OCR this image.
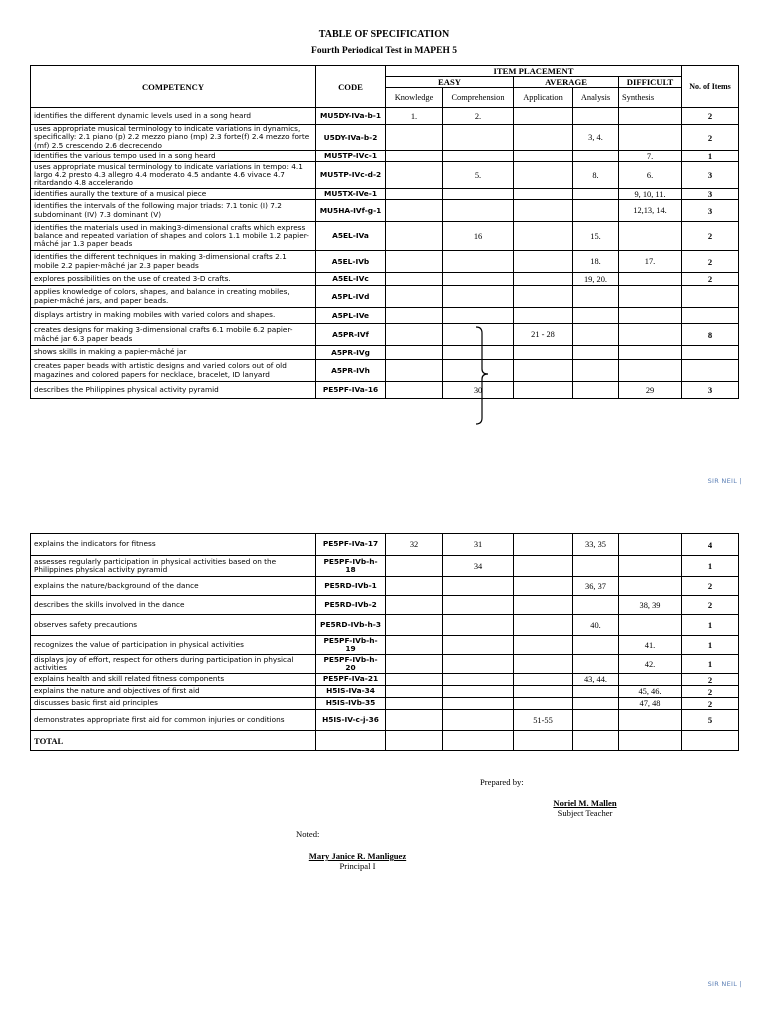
TABLE OF SPECIFICATION
Fourth Periodical Test in MAPEH 5
COMPETENCY	CODE	ITEM PLACEMENT					No. of Items
		EASY		AVERAGE		DIFFICULT	
		Knowledge	Comprehension	Application	Analysis	Synthesis	
identifies the different dynamic levels used in a song heard	MU5DY-IVa-b-1	1.	2.				2
uses appropriate musical terminology to indicate variations in dynamics, specifically: 2.1 piano (p) 2.2 mezzo piano (mp) 2.3 forte(f) 2.4 mezzo forte (mf) 2.5 crescendo 2.6 decrecendo	U5DY-IVa-b-2				3, 4.		2
identifies the various tempo used in a song heard	MU5TP-IVc-1					7.	1
uses appropriate musical terminology to indicate variations in tempo: 4.1 largo 4.2 presto 4.3 allegro 4.4 moderato 4.5 andante 4.6 vivace 4.7 ritardando 4.8 accelerando	MU5TP-IVc-d-2		5.		8.	6.	3
identifies aurally the texture of a musical piece	MU5TX-IVe-1					9, 10, 11.	3
identifies the intervals of the following major triads: 7.1 tonic (I) 7.2 subdominant (IV) 7.3 dominant (V)	MU5HA-IVf-g-1					12,13, 14.	3
identifies the materials used in making3-dimensional crafts which express balance and repeated variation of shapes and colors 1.1 mobile 1.2 papier-mâché jar 1.3 paper beads	A5EL-IVa		16		15.		2
identifies the different techniques in making 3-dimensional crafts 2.1 mobile 2.2 papier-mâché jar 2.3 paper beads	A5EL-IVb				18.	17.	2
explores possibilities on the use of created 3-D crafts.	A5EL-IVc				19, 20.		2
applies knowledge of colors, shapes, and balance in creating mobiles, papier-mâché jars, and paper beads.	A5PL-IVd						
displays artistry in making mobiles with varied colors and shapes.	A5PL-IVe						
creates designs for making 3-dimensional crafts 6.1 mobile 6.2 papier-mâché jar 6.3 paper beads	A5PR-IVf			21 - 28			8
shows skills in making a papier-mâché jar	A5PR-IVg						
creates paper beads with artistic designs and varied colors out of old magazines and colored papers for necklace, bracelet, ID lanyard	A5PR-IVh						
describes the Philippines physical activity pyramid	PE5PF-IVa-16		30			29	3
SIR NEIL |
explains the indicators for fitness	PE5PF-IVa-17	32	31		33, 35		4
assesses regularly participation in physical activities based on the Philippines physical activity pyramid	PE5PF-IVb-h-18		34				1
explains the nature/background of the dance	PE5RD-IVb-1				36, 37		2
describes the skills involved in the dance	PE5RD-IVb-2					38, 39	2
observes safety precautions	PE5RD-IVb-h-3				40.		1
recognizes the value of participation in physical activities	PE5PF-IVb-h-19					41.	1
displays joy of effort, respect for others during participation in physical activities	PE5PF-IVb-h-20					42.	1
explains health and skill related fitness components	PE5PF-IVa-21				43, 44.		2
explains the nature and objectives of first aid	H5IS-IVa-34					45, 46.	2
discusses basic first aid principles	H5IS-IVb-35					47, 48	2
demonstrates appropriate first aid for common injuries or conditions	H5IS-IV-c-j-36			51-55			5
TOTAL							
Prepared by:
Noriel M. Mallen
Subject Teacher
Noted:
Mary Janice R. Manliguez
Principal I
SIR NEIL |
